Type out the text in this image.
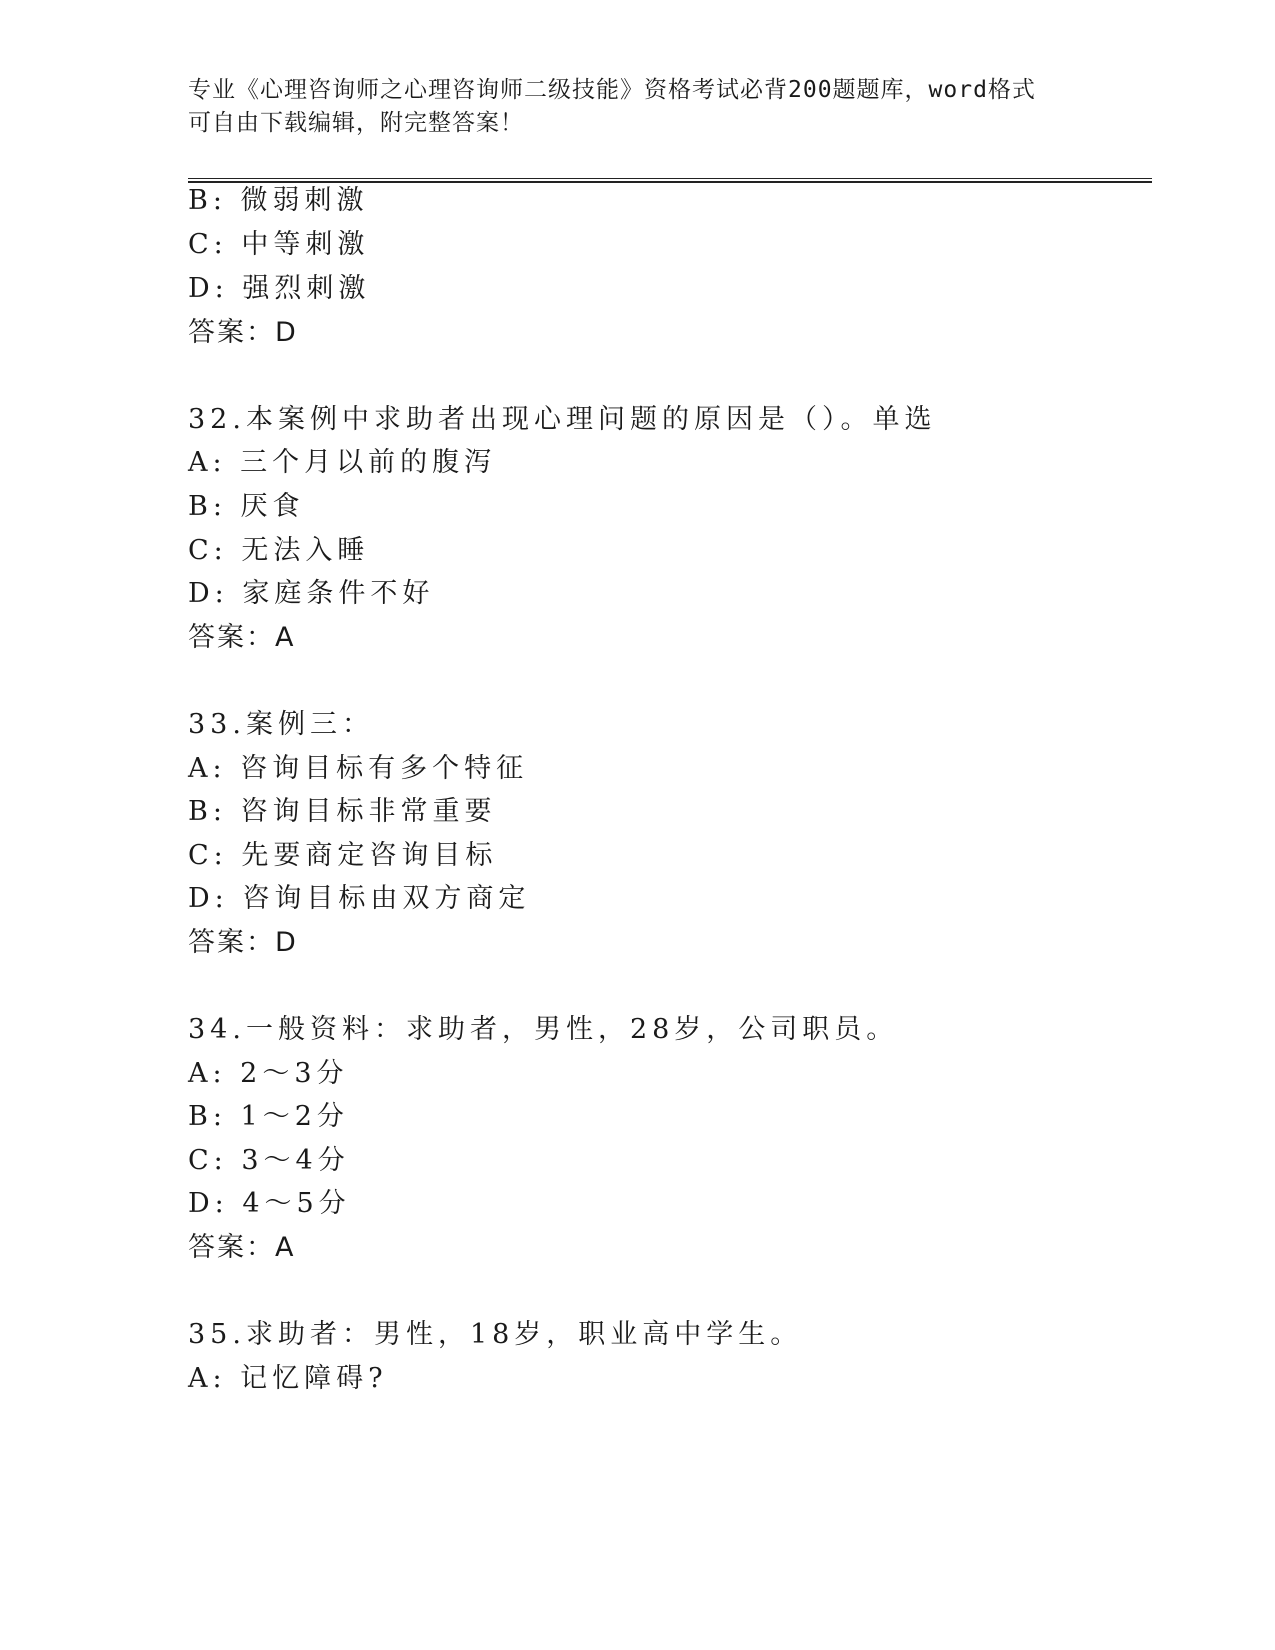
专业《心理咨询师之心理咨询师二级技能》资格考试必背200题题库，word格式
可自由下载编辑，附完整答案！
B: 微弱刺激
C: 中等刺激
D: 强烈刺激
答案：D
32.本案例中求助者出现心理问题的原因是（）。单选
A: 三个月以前的腹泻
B: 厌食
C: 无法入睡
D: 家庭条件不好
答案：A
33.案例三：
A: 咨询目标有多个特征
B: 咨询目标非常重要
C: 先要商定咨询目标
D: 咨询目标由双方商定
答案：D
34.一般资料：求助者，男性，28岁，公司职员。
A: 2～3分
B: 1～2分
C: 3～4分
D: 4～5分
答案：A
35.求助者：男性，18岁，职业高中学生。
A: 记忆障碍?
